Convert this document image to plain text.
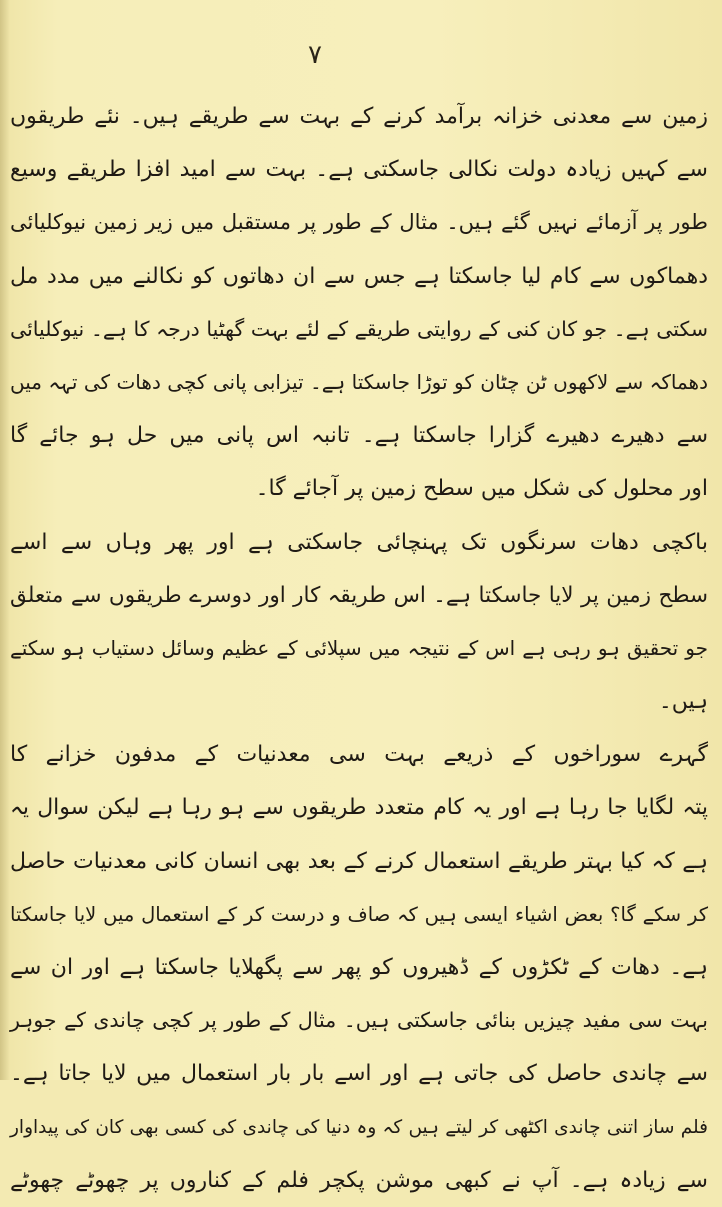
٧
زمین سے معدنی خزانہ برآمد کرنے کے بہت سے طریقے ہیں۔ نئے طریقوں
سے کہیں زیادہ دولت نکالی جاسکتی ہے۔ بہت سے امید افزا طریقے وسیع
طور پر آزمائے نہیں گئے ہیں۔ مثال کے طور پر مستقبل میں زیر زمین نیوکلیائی
دھماکوں سے کام لیا جاسکتا ہے جس سے ان دھاتوں کو نکالنے میں مدد مل
سکتی ہے۔ جو کان کنی کے روایتی طریقے کے لئے بہت گھٹیا درجہ کا ہے۔ نیوکلیائی
دھماکہ سے لاکھوں ٹن چٹان کو توڑا جاسکتا ہے۔ تیزابی پانی کچی دھات کی تہہ میں
سے دھیرے دھیرے گزارا جاسکتا ہے۔ تانبہ اس پانی میں حل ہو جائے گا
اور محلول کی شکل میں سطح زمین پر آجائے گا۔
باکچی دھات سرنگوں تک پہنچائی جاسکتی ہے اور پھر وہاں سے اسے
سطح زمین پر لایا جاسکتا ہے۔ اس طریقہ کار اور دوسرے طریقوں سے متعلق
جو تحقیق ہو رہی ہے اس کے نتیجہ میں سپلائی کے عظیم وسائل دستیاب ہو سکتے
ہیں۔
گہرے سوراخوں کے ذریعے بہت سی معدنیات کے مدفون خزانے کا
پتہ لگایا جا رہا ہے اور یہ کام متعدد طریقوں سے ہو رہا ہے لیکن سوال یہ
ہے کہ کیا بہتر طریقے استعمال کرنے کے بعد بھی انسان کانی معدنیات حاصل
کر سکے گا؟ بعض اشیاء ایسی ہیں کہ صاف و درست کر کے استعمال میں لایا جاسکتا
ہے۔ دھات کے ٹکڑوں کے ڈھیروں کو پھر سے پگھلایا جاسکتا ہے اور ان سے
بہت سی مفید چیزیں بنائی جاسکتی ہیں۔ مثال کے طور پر کچی چاندی کے جوہر
سے چاندی حاصل کی جاتی ہے اور اسے بار بار استعمال میں لایا جاتا ہے۔
فلم ساز اتنی چاندی اکٹھی کر لیتے ہیں کہ وہ دنیا کی چاندی کی کسی بھی کان کی پیداوار
سے زیادہ ہے۔ آپ نے کبھی موشن پکچر فلم کے کناروں پر چھوٹے چھوٹے
